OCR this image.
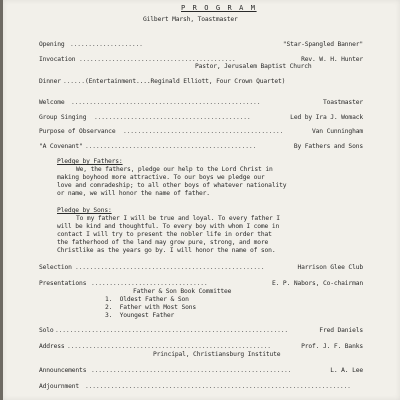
P R O G R A M
Gilbert Marsh, Toastmaster
Opening ....................	"Star-Spangled Banner"
Invocation ...........................................	Rev. W. H. Hunter
Pastor, Jerusalem Baptist Church
Dinner ...... (Entertainment....Reginald Elliott, Four Crown Quartet)
Welcome ....................................................	Toastmaster
Group Singing ...........................................	Led by Ira J. Womack
Purpose of Observance ............................................	Van Cunningham
"A Covenant" ...............................................	By Fathers and Sons
Pledge by Fathers:
We, the fathers, pledge our help to the Lord Christ in
making boyhood more attractive. To our boys we pledge our
love and comradeship; to all other boys of whatever nationality
or name, we will honor the name of father.
Pledge by Sons:
To my father I will be true and loyal. To every father I
will be kind and thoughtful. To every boy with whom I come in
contact I will try to present the nobler life in order that
the fatherhood of the land may grow pure, strong, and more
Christlike as the years go by. I will honor the name of son.
Selection ....................................................	Harrison Glee Club
Presentations ................................	E. P. Nabors, Co-chairman
Father & Son Book Committee
1.  Oldest Father & Son
2.  Father with Most Sons
3.  Youngest Father
Solo ................................................................	Fred Daniels
Address ........................................................	Prof. J. F. Banks
Principal, Christiansburg Institute
Announcements .......................................................	L. A. Lee
Adjournment .........................................................................
